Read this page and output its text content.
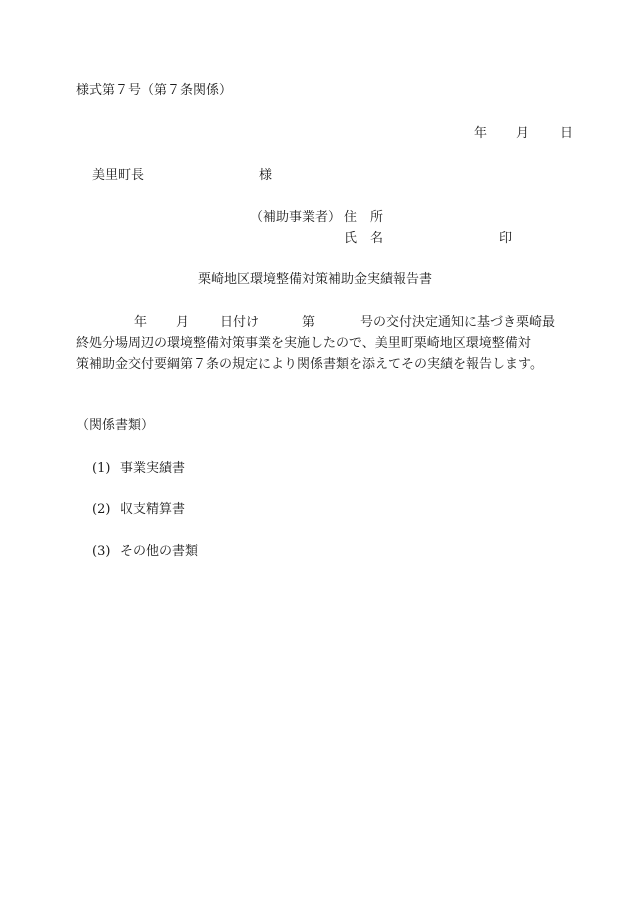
様式第７号（第７条関係）
年 月 日
美里町長	様
（補助事業者） 住　所
氏　名	印
栗崎地区環境整備対策補助金実績報告書
年 月 日付け	第	号の交付決定通知に基づき栗崎最
終処分場周辺の環境整備対策事業を実施したので、美里町栗崎地区環境整備対
策補助金交付要綱第７条の規定により関係書類を添えてその実績を報告します。
（関係書類）
(1) 事業実績書
(2) 収支精算書
(3) その他の書類
